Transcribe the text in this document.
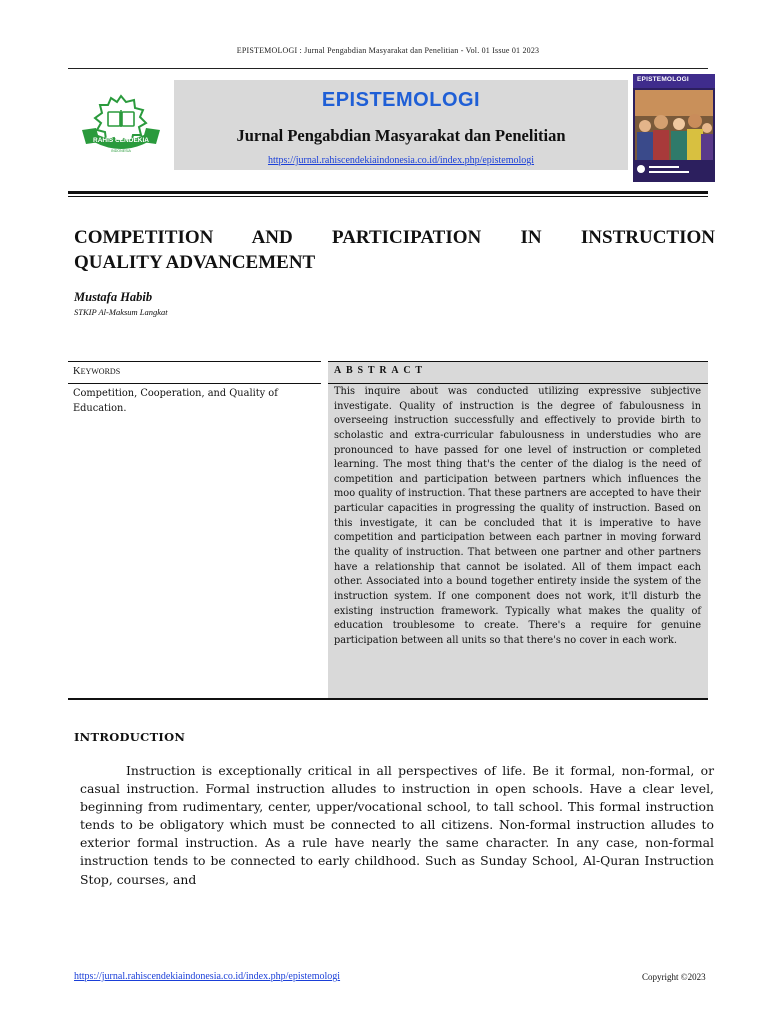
EPISTEMOLOGI : Jurnal Pengabdian Masyarakat dan Penelitian - Vol. 01 Issue 01 2023
RAHIS CENDEKIA
INDONESIA
EPISTEMOLOGI
Jurnal Pengabdian Masyarakat dan Penelitian
https://jurnal.rahiscendekiaindonesia.co.id/index.php/epistemologi
EPISTEMOLOGI
COMPETITION AND PARTICIPATION IN INSTRUCTION
QUALITY ADVANCEMENT
Mustafa Habib
STKIP Al-Maksum Langkat
KEYWORDS
Competition, Cooperation, and Quality of Education.
ABSTRACT

This inquire about was conducted utilizing expressive subjective investigate. Quality of instruction is the degree of fabulousness in overseeing instruction successfully and effectively to provide birth to scholastic and extra-curricular fabulousness in understudies who are pronounced to have passed for one level of instruction or completed learning. The most thing that's the center of the dialog is the need of competition and participation between partners which influences the moo quality of instruction. That these partners are accepted to have their particular capacities in progressing the quality of instruction. Based on this investigate, it can be concluded that it is imperative to have competition and participation between each partner in moving forward the quality of instruction. That between one partner and other partners have a relationship that cannot be isolated. All of them impact each other. Associated into a bound together entirety inside the system of the instruction system. If one component does not work, it'll disturb the existing instruction framework. Typically what makes the quality of education troublesome to create. There's a require for genuine participation between all units so that there's no cover in each work.

INTRODUCTION

Instruction is exceptionally critical in all perspectives of life. Be it formal, non-formal, or casual instruction. Formal instruction alludes to instruction in open schools. Have a clear level, beginning from rudimentary, center, upper/vocational school, to tall school. This formal instruction tends to be obligatory which must be connected to all citizens. Non-formal instruction alludes to exterior formal instruction. As a rule have nearly the same character. In any case, non-formal instruction tends to be connected to early childhood. Such as Sunday School, Al-Quran Instruction Stop, courses, and

https://jurnal.rahiscendekiaindonesia.co.id/index.php/epistemologi	Copyright ©2023
